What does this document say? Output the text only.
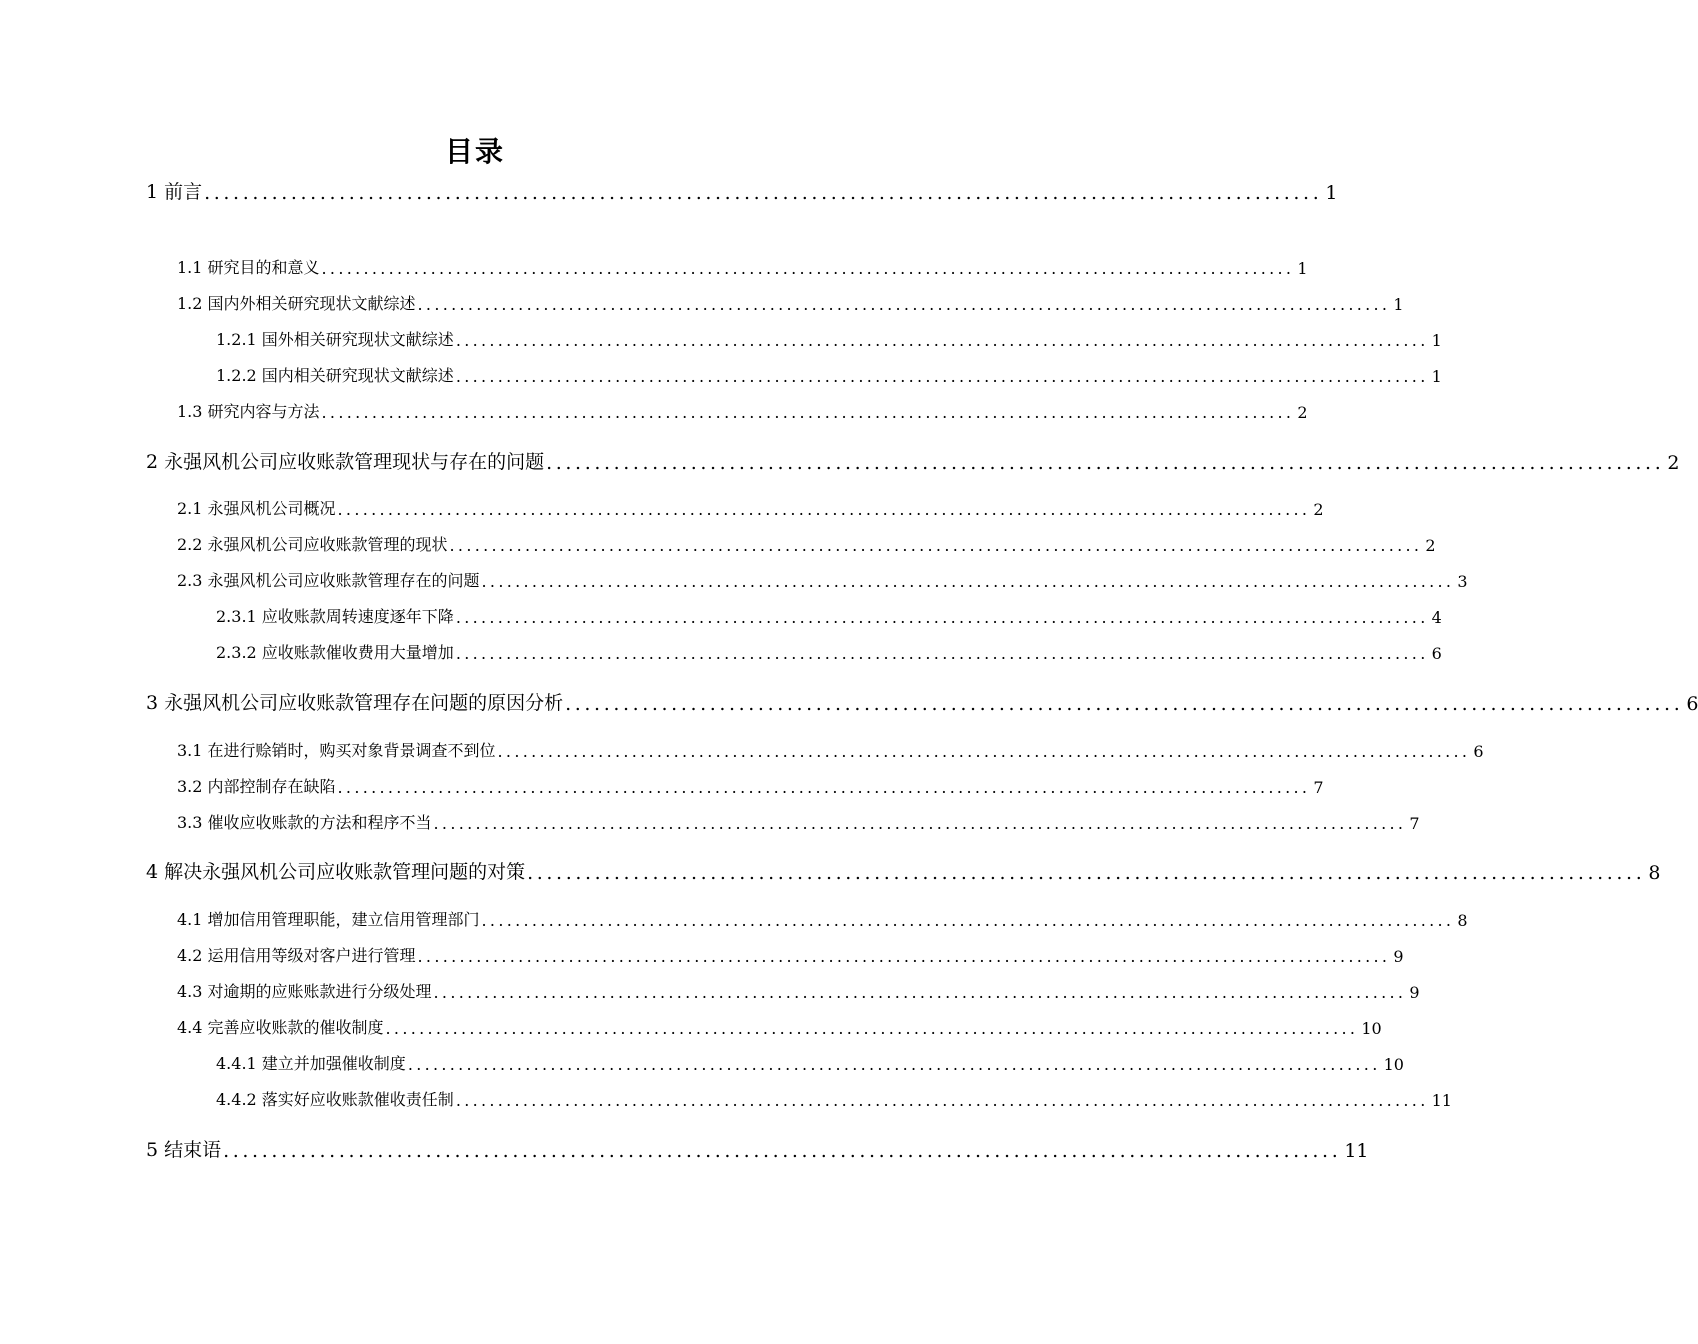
目录
1 前言 .................................................................................................................... 1
1.1 研究目的和意义 .................................................................................................................... 1
1.2 国内外相关研究现状文献综述 .................................................................................................................... 1
1.2.1 国外相关研究现状文献综述 .................................................................................................................... 1
1.2.2 国内相关研究现状文献综述 .................................................................................................................... 1
1.3 研究内容与方法 .................................................................................................................... 2
2 永强风机公司应收账款管理现状与存在的问题 .................................................................................................................... 2
2.1 永强风机公司概况 .................................................................................................................... 2
2.2 永强风机公司应收账款管理的现状 .................................................................................................................... 2
2.3 永强风机公司应收账款管理存在的问题 .................................................................................................................... 3
2.3.1 应收账款周转速度逐年下降 .................................................................................................................... 4
2.3.2 应收账款催收费用大量增加 .................................................................................................................... 6
3 永强风机公司应收账款管理存在问题的原因分析 .................................................................................................................... 6
3.1 在进行赊销时，购买对象背景调查不到位 .................................................................................................................... 6
3.2 内部控制存在缺陷 .................................................................................................................... 7
3.3 催收应收账款的方法和程序不当 .................................................................................................................... 7
4 解决永强风机公司应收账款管理问题的对策 .................................................................................................................... 8
4.1 增加信用管理职能，建立信用管理部门 .................................................................................................................... 8
4.2 运用信用等级对客户进行管理 .................................................................................................................... 9
4.3 对逾期的应账账款进行分级处理 .................................................................................................................... 9
4.4 完善应收账款的催收制度 .................................................................................................................... 10
4.4.1 建立并加强催收制度 .................................................................................................................... 10
4.4.2 落实好应收账款催收责任制 .................................................................................................................... 11
5 结束语 .................................................................................................................... 11
